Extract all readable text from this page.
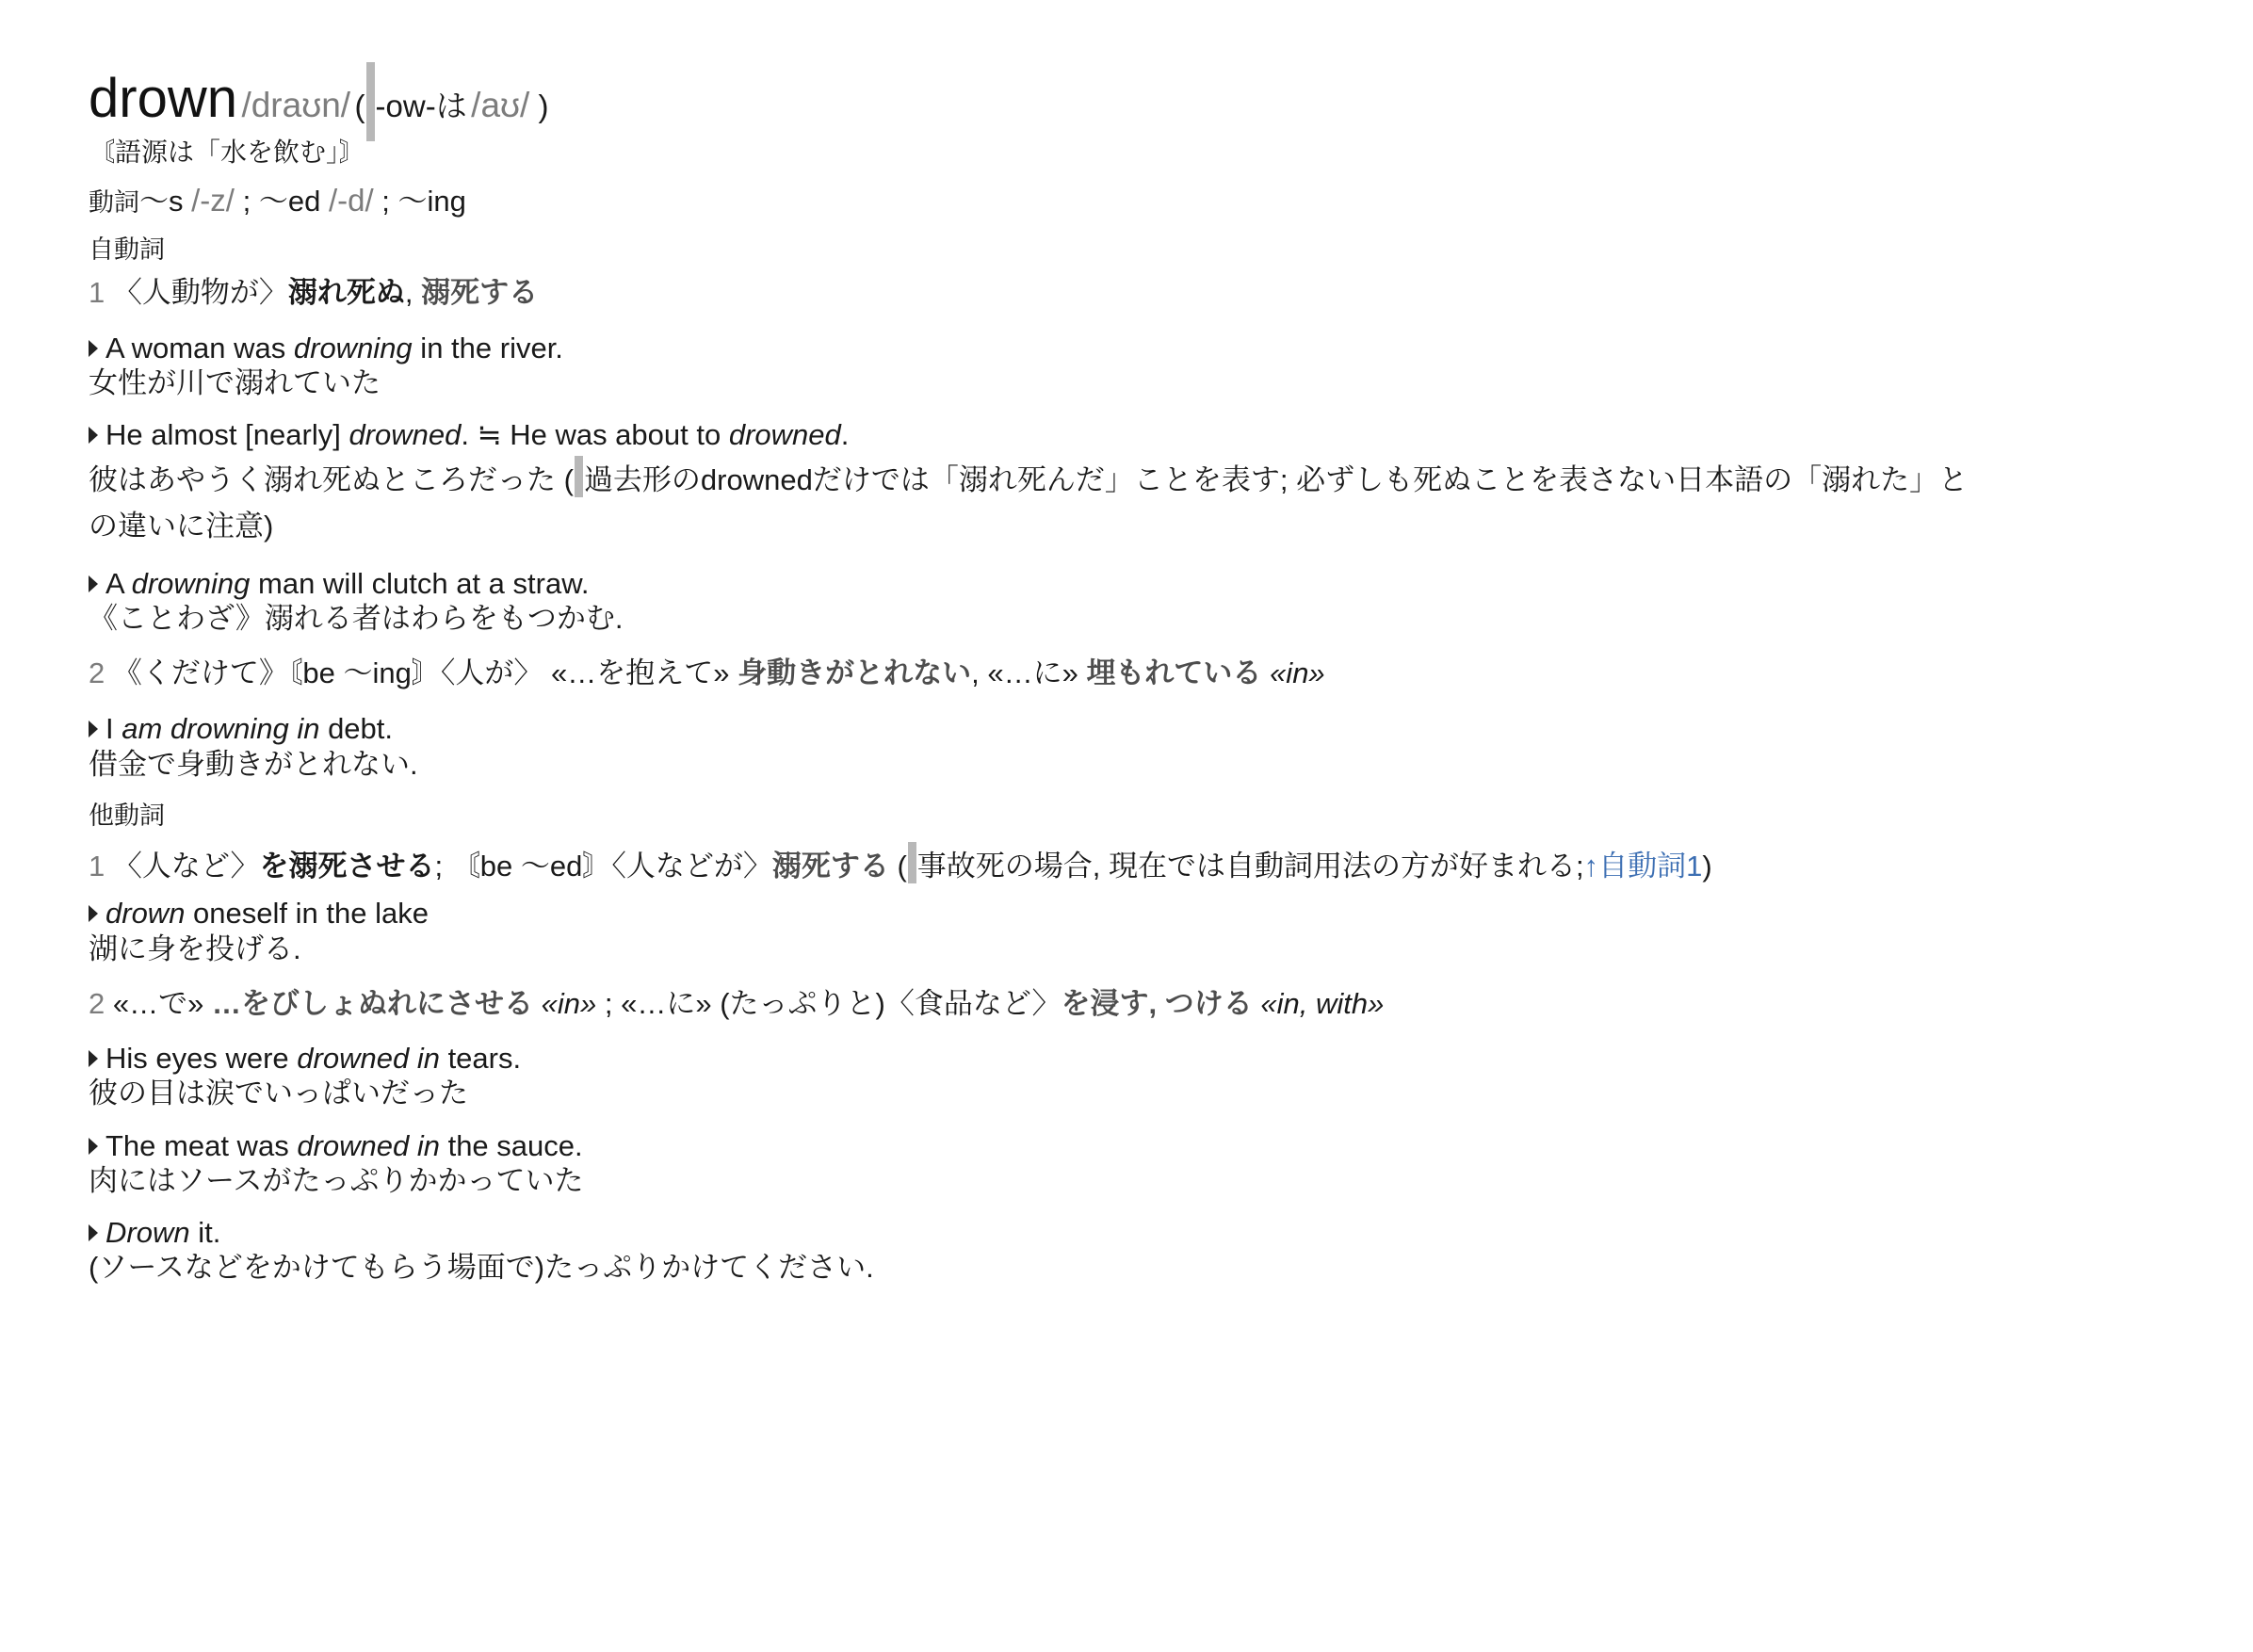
drown /draʊn/ ( -ow-は /aʊ/ )
〘語源は「水を飲む」〙
動詞〜s /-z/ ; 〜ed /-d/ ; 〜ing
自動詞
1 〈人動物が〉溺れ死ぬ, 溺死する
A woman was drowning in the river.
女性が川で溺れていた
He almost [nearly] drowned. ≒ He was about to drowned.
彼はあやうく溺れ死ぬところだった ( 過去形のdrownedだけでは「溺れ死んだ」ことを表す; 必ずしも死ぬことを表さない日本語の「溺れた」と
の違いに注意)
A drowning man will clutch at a straw.
《ことわざ》溺れる者はわらをもつかむ.
2 《くだけて》〘be 〜ing〙〈人が〉 «…を抱えて» 身動きがとれない, «…に» 埋もれている «in»
I am drowning in debt.
借金で身動きがとれない.
他動詞
1 〈人など〉を溺死させる; 〘be 〜ed〙〈人などが〉溺死する ( 事故死の場合, 現在では自動詞用法の方が好まれる;↑自動詞1)
drown oneself in the lake
湖に身を投げる.
2 «…で» …をびしょぬれにさせる «in» ; «…に» (たっぷりと)〈食品など〉を浸す, つける «in, with»
His eyes were drowned in tears.
彼の目は涙でいっぱいだった
The meat was drowned in the sauce.
肉にはソースがたっぷりかかっていた
Drown it.
(ソースなどをかけてもらう場面で)たっぷりかけてください.
